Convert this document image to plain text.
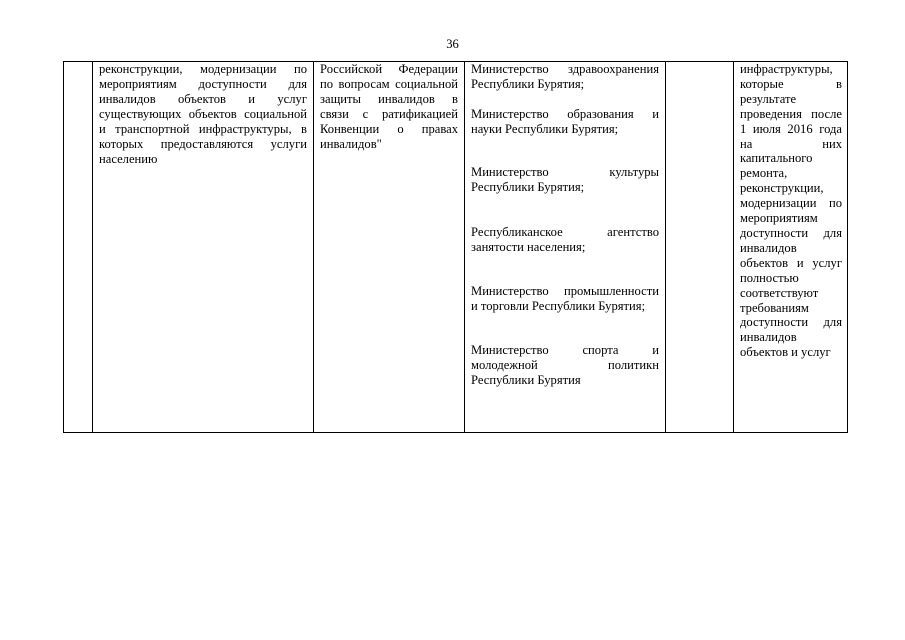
36
реконструкции, модернизации по
мероприятиям доступности для
инвалидов объектов и услуг
существующих объектов социальной
и транспортной инфраструктуры, в
которых предоставляются услуги
населению
Российской Федерации
по вопросам социальной
защиты инвалидов в
связи с ратификацией
Конвенции о правах
инвалидов"
Министерство здравоохранения
Республики Бурятия;
Министерство образования и
науки Республики Бурятия;
Министерство культуры
Республики Бурятия;
Республиканское агентство
занятости населения;
Министерство промышленности
и торговли Республики Бурятия;
Министерство спорта и
молодежной политикн
Республики Бурятия
инфраструктуры,
которые в
результате
проведения после
1 июля 2016 года
на них
капитального
ремонта,
реконструкции,
модернизации по
мероприятиям
доступности для
инвалидов
объектов и услуг
полностью
соответствуют
требованиям
доступности для
инвалидов
объектов и услуг
